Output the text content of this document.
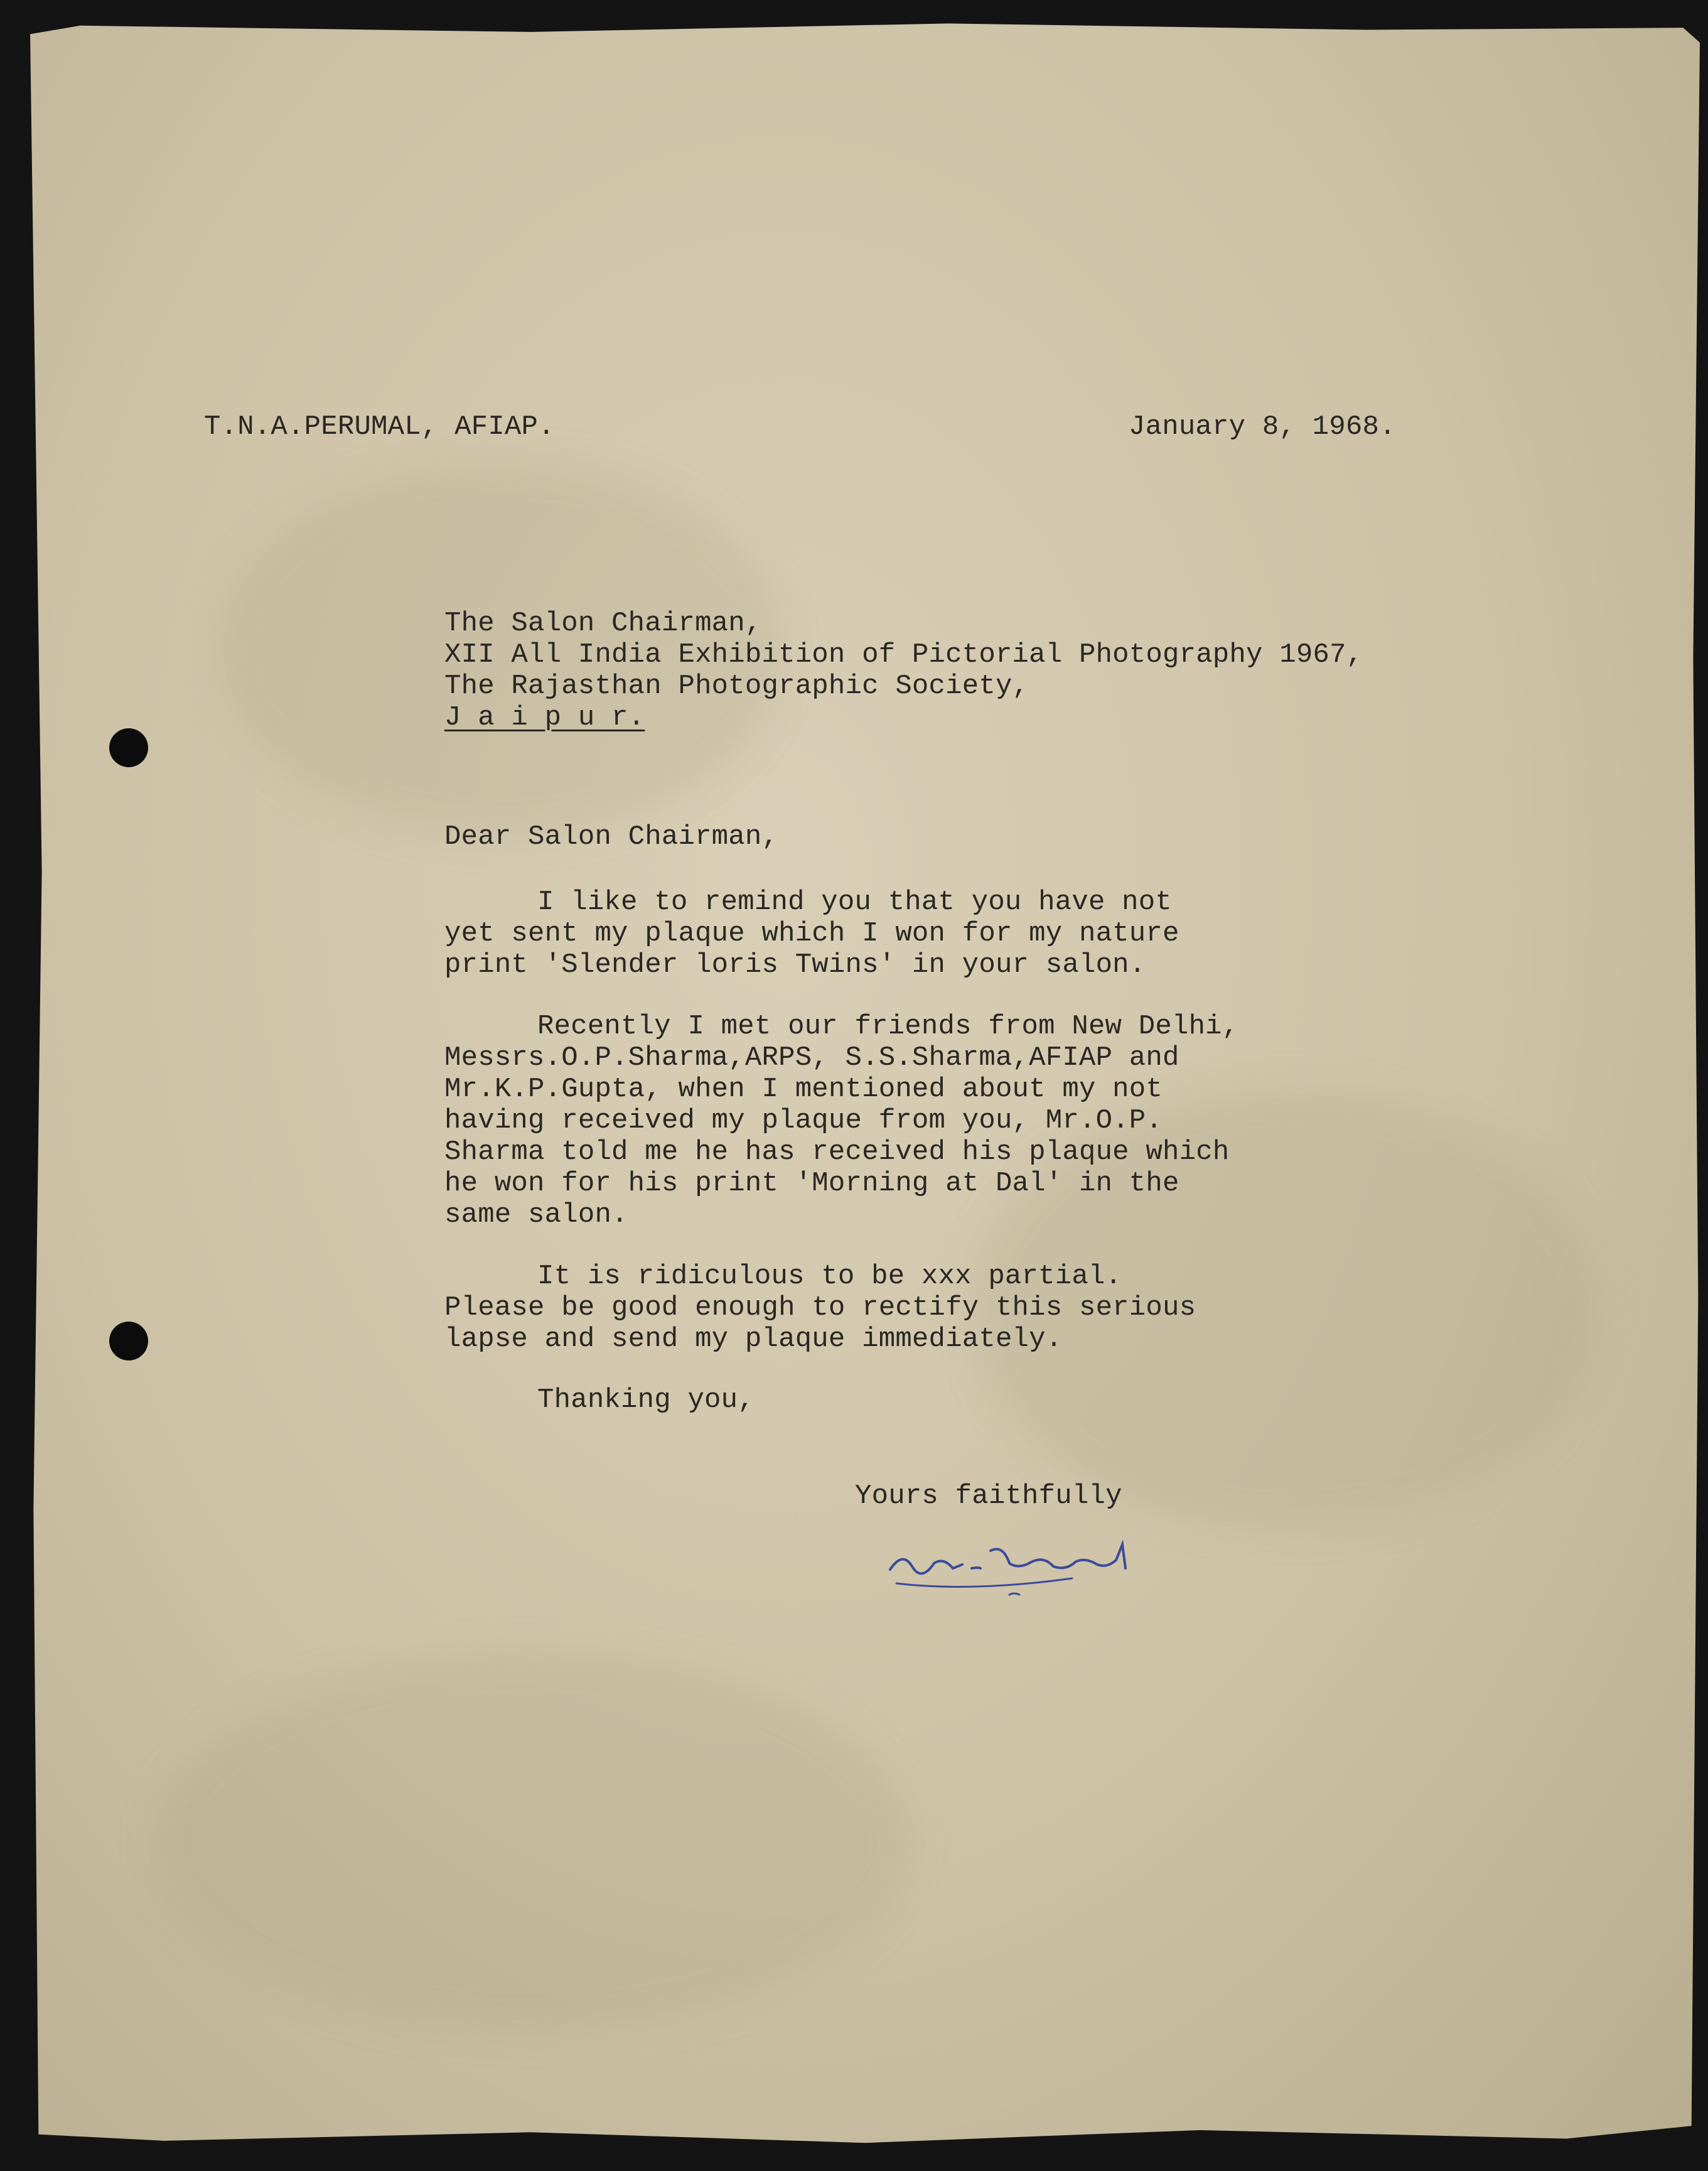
T.N.A.PERUMAL, AFIAP.	January 8, 1968.
The Salon Chairman,
XII All India Exhibition of Pictorial Photography 1967,
The Rajasthan Photographic Society,
J a i p u r.
Dear Salon Chairman,
I like to remind you that you have not
yet sent my plaque which I won for my nature
print 'Slender loris Twins' in your salon.
Recently I met our friends from New Delhi,
Messrs.O.P.Sharma,ARPS, S.S.Sharma,AFIAP and
Mr.K.P.Gupta, when I mentioned about my not
having received my plaque from you, Mr.O.P.
Sharma told me he has received his plaque which
he won for his print 'Morning at Dal' in the
same salon.
It is ridiculous to be xxx partial.
Please be good enough to rectify this serious
lapse and send my plaque immediately.
Thanking you,
Yours faithfully
